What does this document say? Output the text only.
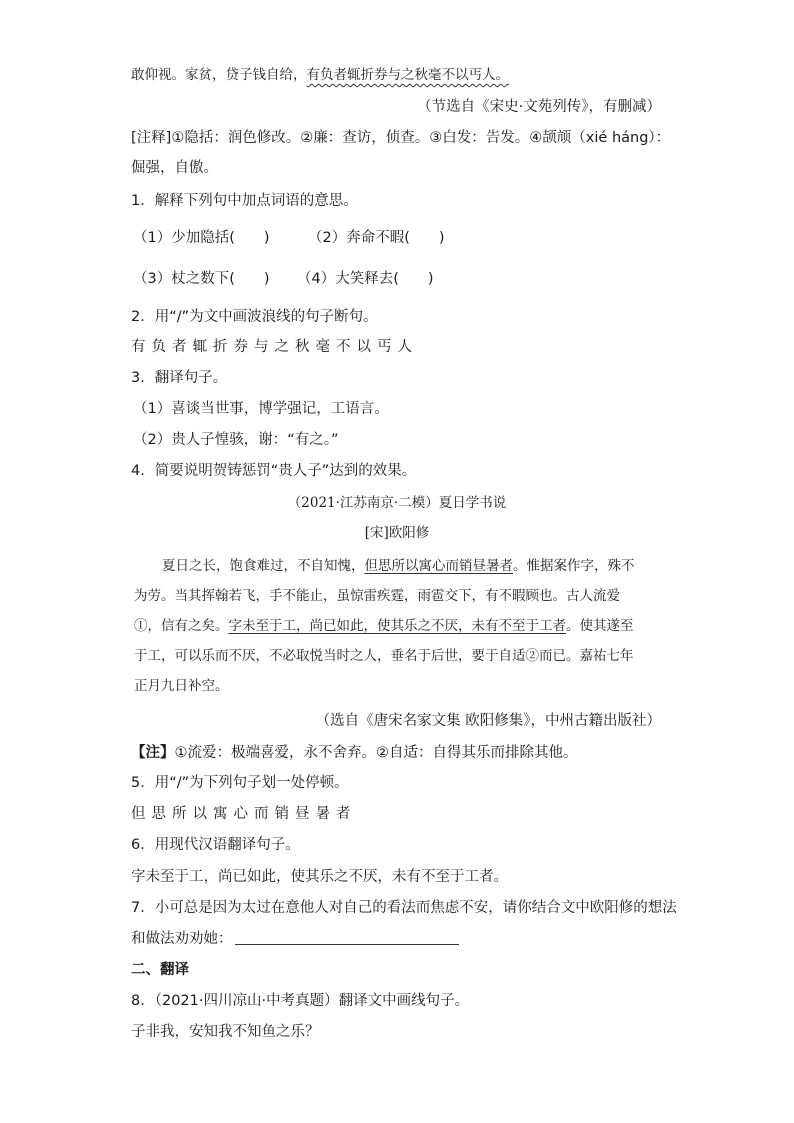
敢仰视。家贫，贷子钱自给，有负者辄折券与之秋毫不以丐人。
（节选自《宋史·文苑列传》，有删减）
[注释]①隐括：润色修改。②廉：查访，侦查。③白发：告发。④颉颃（xié háng）：
倔强，自傲。
1．解释下列句中加点词语的意思。
（1）少加隐括(　　)	（2）奔命不暇(　　)
（3）杖之数下(　　) （4）大笑释去(　　)
2．用“/”为文中画波浪线的句子断句。
有负者辄折券与之秋毫不以丐人
3．翻译句子。
（1）喜谈当世事，博学强记，工语言。
（2）贵人子惶骇，谢：“有之。”
4．简要说明贺铸惩罚“贵人子”达到的效果。
（2021·江苏南京·二模）夏日学书说
[宋]欧阳修
夏日之长，饱食难过，不自知愧，但思所以寓心而销昼暑者。惟据案作字，殊不
为劳。当其挥翰若飞，手不能止，虽惊雷疾霆，雨雹交下，有不暇顾也。古人流爱
①，信有之矣。字未至于工，尚已如此，使其乐之不厌，未有不至于工者。使其遂至
于工，可以乐而不厌，不必取悦当时之人，垂名于后世，要于自适②而已。嘉祐七年
正月九日补空。
（选自《唐宋名家文集 欧阳修集》，中州古籍出版社）
【注】①流爱：极端喜爱，永不舍弃。②自适：自得其乐而排除其他。
5．用“/”为下列句子划一处停顿。
但思所以寓心而销昼暑者
6．用现代汉语翻译句子。
字未至于工，尚已如此，使其乐之不厌，未有不至于工者。
7．小可总是因为太过在意他人对自己的看法而焦虑不安，请你结合文中欧阳修的想法
和做法劝劝她：
二、翻译
8．（2021·四川凉山·中考真题）翻译文中画线句子。
子非我，安知我不知鱼之乐？
